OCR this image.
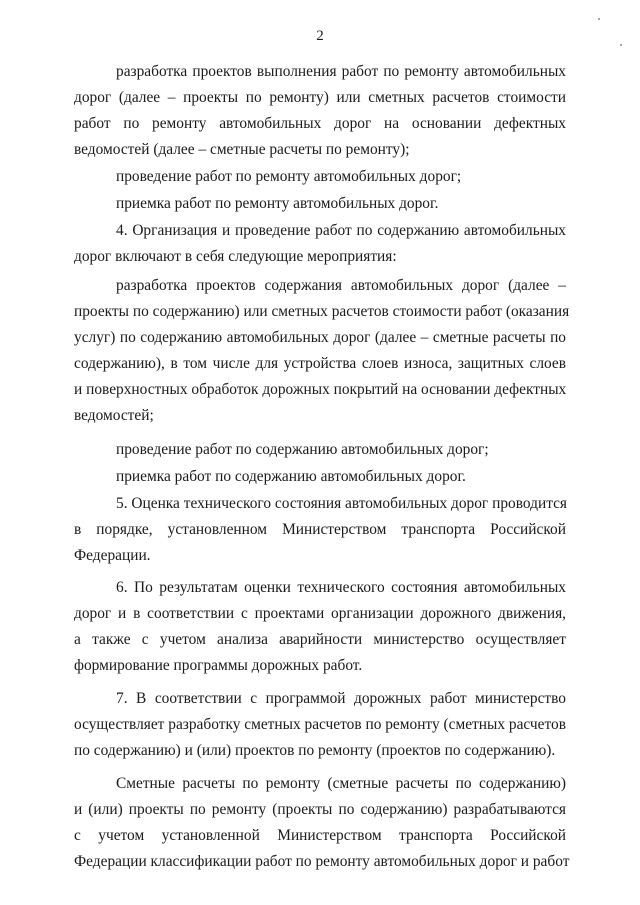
2
разработка проектов выполнения работ по ремонту автомобильных
дорог (далее – проекты по ремонту) или сметных расчетов стоимости
работ по ремонту автомобильных дорог на основании дефектных
ведомостей (далее – сметные расчеты по ремонту);
проведение работ по ремонту автомобильных дорог;
приемка работ по ремонту автомобильных дорог.
4. Организация и проведение работ по содержанию автомобильных
дорог включают в себя следующие мероприятия:
разработка проектов содержания автомобильных дорог (далее –
проекты по содержанию) или сметных расчетов стоимости работ (оказания
услуг) по содержанию автомобильных дорог (далее – сметные расчеты по
содержанию), в том числе для устройства слоев износа, защитных слоев
и поверхностных обработок дорожных покрытий на основании дефектных
ведомостей;
проведение работ по содержанию автомобильных дорог;
приемка работ по содержанию автомобильных дорог.
5. Оценка технического состояния автомобильных дорог проводится
в порядке, установленном Министерством транспорта Российской
Федерации.
6. По результатам оценки технического состояния автомобильных
дорог и в соответствии с проектами организации дорожного движения,
а также с учетом анализа аварийности министерство осуществляет
формирование программы дорожных работ.
7. В соответствии с программой дорожных работ министерство
осуществляет разработку сметных расчетов по ремонту (сметных расчетов
по содержанию) и (или) проектов по ремонту (проектов по содержанию).
Сметные расчеты по ремонту (сметные расчеты по содержанию)
и (или) проекты по ремонту (проекты по содержанию) разрабатываются
с учетом установленной Министерством транспорта Российской
Федерации классификации работ по ремонту автомобильных дорог и работ
